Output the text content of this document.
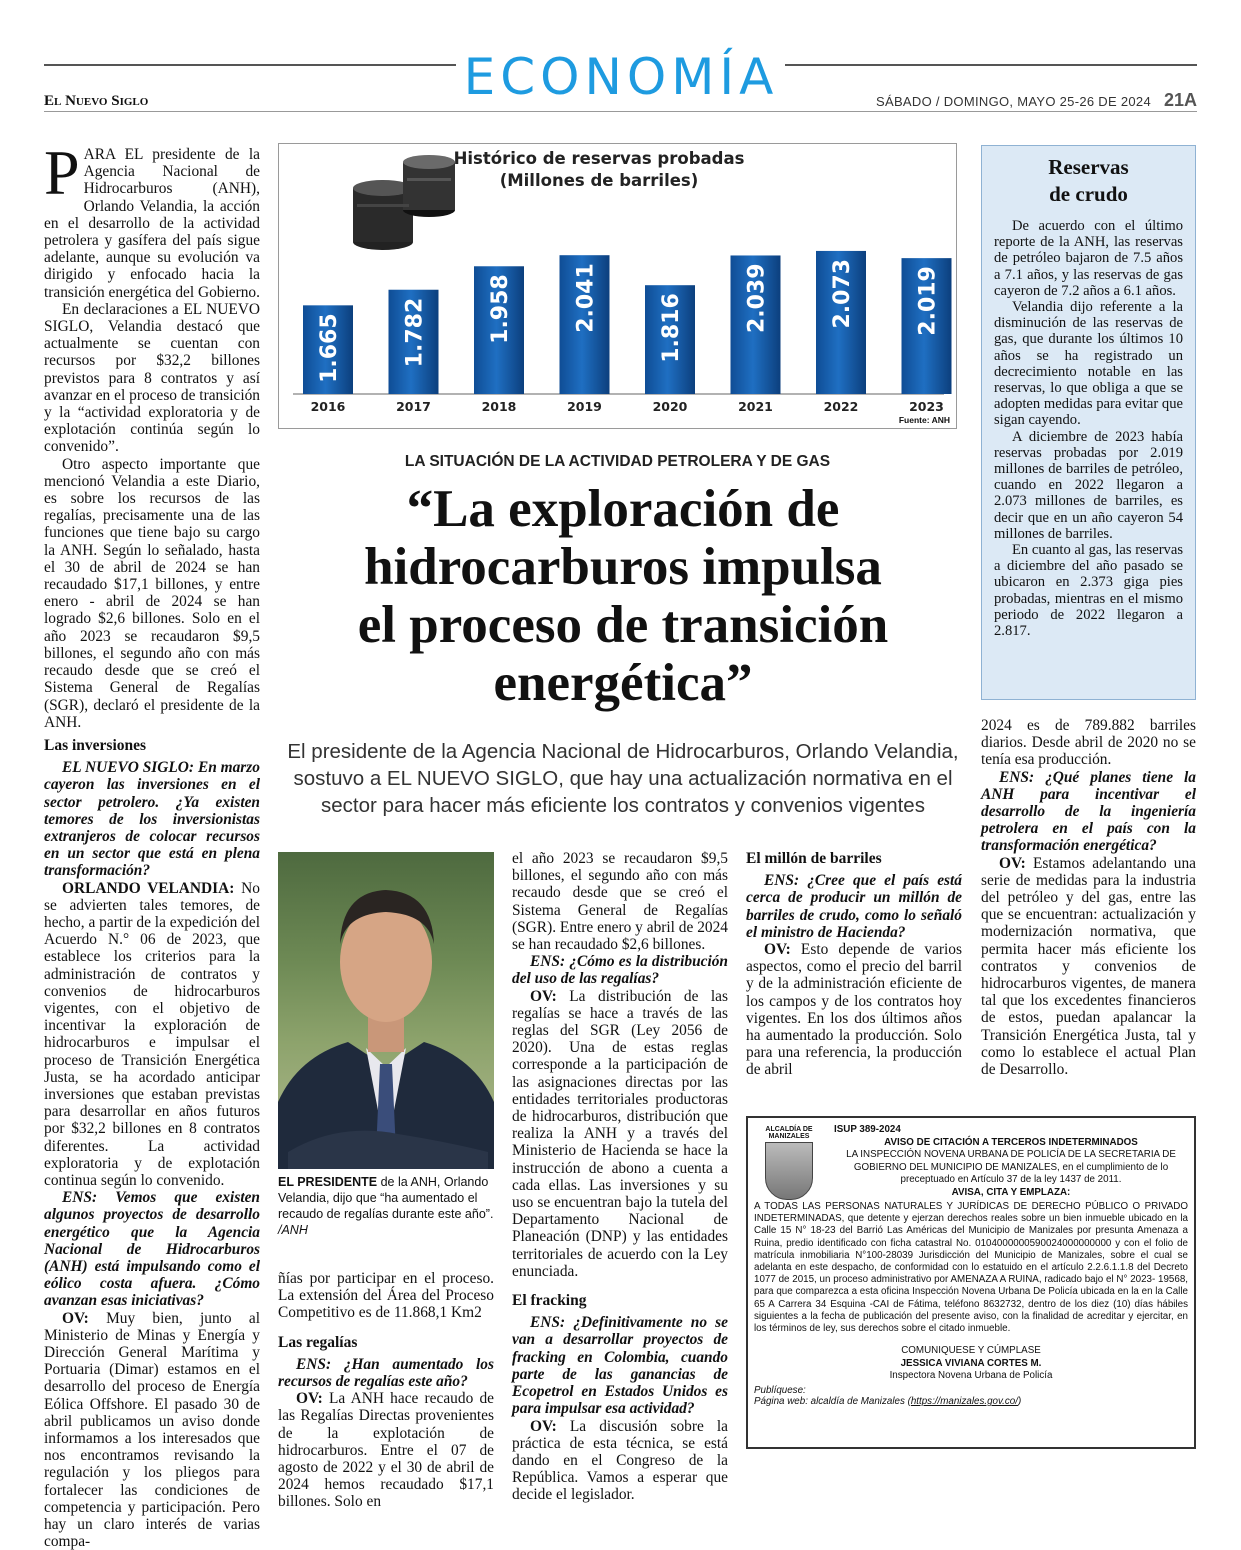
ECONOMÍA
El Nuevo Siglo	SÁBADO / DOMINGO, MAYO 25-26 DE 2024 21A

PARA EL presidente de la Agencia Nacional de Hidrocarburos (ANH), Orlando Velandia, la acción en el desarrollo de la actividad petrolera y gasífera del país sigue adelante, aunque su evolución va dirigido y enfocado hacia la transición energética del Gobierno.

En declaraciones a EL NUEVO SIGLO, Velandia destacó que actualmente se cuentan con recursos por $32,2 billones previstos para 8 contratos y así avanzar en el proceso de transición y la “actividad exploratoria y de explotación continúa según lo convenido”.

Otro aspecto importante que mencionó Velandia a este Diario, es sobre los recursos de las regalías, precisamente una de las funciones que tiene bajo su cargo la ANH. Según lo señalado, hasta el 30 de abril de 2024 se han recaudado $17,1 billones, y entre enero - abril de 2024 se han logrado $2,6 billones. Solo en el año 2023 se recaudaron $9,5 billones, el segundo año con más recaudo desde que se creó el Sistema General de Regalías (SGR), declaró el presidente de la ANH.

Las inversiones

EL NUEVO SIGLO: En marzo cayeron las inversiones en el sector petrolero. ¿Ya existen temores de los inversionistas extranjeros de colocar recursos en un sector que está en plena transformación?

ORLANDO VELANDIA: No se advierten tales temores, de hecho, a partir de la expedición del Acuerdo N.° 06 de 2023, que establece los criterios para la administración de contratos y convenios de hidrocarburos vigentes, con el objetivo de incentivar la exploración de hidrocarburos e impulsar el proceso de Transición Energética Justa, se ha acordado anticipar inversiones que estaban previstas para desarrollar en años futuros por $32,2 billones en 8 contratos diferentes. La actividad exploratoria y de explotación continua según lo convenido.

ENS: Vemos que existen algunos proyectos de desarrollo energético que la Agencia Nacional de Hidrocarburos (ANH) está impulsando como el eólico costa afuera. ¿Cómo avanzan esas iniciativas?

OV: Muy bien, junto al Ministerio de Minas y Energía y Dirección General Marítima y Portuaria (Dimar) estamos en el desarrollo del proceso de Energía Eólica Offshore. El pasado 30 de abril publicamos un aviso donde informamos a los interesados que nos encontramos revisando la regulación y los pliegos para fortalecer las condiciones de competencia y participación. Pero hay un claro interés de varias compa-

Histórico de reservas probadas
(Millones de barriles)
1.665
2016
1.782
2017
1.958
2018
2.041
2019
1.816
2020
2.039
2021
2.073
2022
2.019
2023
Fuente: ANH
LA SITUACIÓN DE LA ACTIVIDAD PETROLERA Y DE GAS
“La exploración de
hidrocarburos impulsa
el proceso de transición
energética”
El presidente de la Agencia Nacional de Hidrocarburos, Orlando Velandia,
sostuvo a EL NUEVO SIGLO, que hay una actualización normativa en el
sector para hacer más eficiente los contratos y convenios vigentes
Reservas
de crudo

De acuerdo con el último reporte de la ANH, las reservas de petróleo bajaron de 7.5 años a 7.1 años, y las reservas de gas cayeron de 7.2 años a 6.1 años.

Velandia dijo referente a la disminución de las reservas de gas, que durante los últimos 10 años se ha registrado un decrecimiento notable en las reservas, lo que obliga a que se adopten medidas para evitar que sigan cayendo.

A diciembre de 2023 había reservas probadas por 2.019 millones de barriles de petróleo, cuando en 2022 llegaron a 2.073 millones de barriles, es decir que en un año cayeron 54 millones de barriles.

En cuanto al gas, las reservas a diciembre del año pasado se ubicaron en 2.373 giga pies probadas, mientras en el mismo periodo de 2022 llegaron a 2.817.

EL PRESIDENTE de la ANH, Orlando Velandia, dijo que “ha aumentado el recaudo de regalías durante este año”. /ANH

ñías por participar en el proceso. La extensión del Área del Proceso Competitivo es de 11.868,1 Km2

Las regalías

ENS: ¿Han aumentado los recursos de regalías este año?

OV: La ANH hace recaudo de las Regalías Directas provenientes de la explotación de hidrocarburos. Entre el 07 de agosto de 2022 y el 30 de abril de 2024 hemos recaudado $17,1 billones. Solo en

el año 2023 se recaudaron $9,5 billones, el segundo año con más recaudo desde que se creó el Sistema General de Regalías (SGR). Entre enero y abril de 2024 se han recaudado $2,6 billones.

ENS: ¿Cómo es la distribución del uso de las regalías?

OV: La distribución de las regalías se hace a través de las reglas del SGR (Ley 2056 de 2020). Una de estas reglas corresponde a la participación de las asignaciones directas por las entidades territoriales productoras de hidrocarburos, distribución que realiza la ANH y a través del Ministerio de Hacienda se hace la instrucción de abono a cuenta a cada ellas. Las inversiones y su uso se encuentran bajo la tutela del Departamento Nacional de Planeación (DNP) y las entidades territoriales de acuerdo con la Ley enunciada.

El fracking

ENS: ¿Definitivamente no se van a desarrollar proyectos de fracking en Colombia, cuando parte de las ganancias de Ecopetrol en Estados Unidos es para impulsar esa actividad?

OV: La discusión sobre la práctica de esta técnica, se está dando en el Congreso de la República. Vamos a esperar que decide el legislador.

El millón de barriles

ENS: ¿Cree que el país está cerca de producir un millón de barriles de crudo, como lo señaló el ministro de Hacienda?

OV: Esto depende de varios aspectos, como el precio del barril y de la administración eficiente de los campos y de los contratos hoy vigentes. En los dos últimos años ha aumentado la producción. Solo para una referencia, la producción de abril

2024 es de 789.882 barriles diarios. Desde abril de 2020 no se tenía esa producción.

ENS: ¿Qué planes tiene la ANH para incentivar el desarrollo de la ingeniería petrolera en el país con la transformación energética?

OV: Estamos adelantando una serie de medidas para la industria del petróleo y del gas, entre las que se encuentran: actualización y modernización normativa, que permita hacer más eficiente los contratos y convenios de hidrocarburos vigentes, de manera tal que los excedentes financieros de estos, puedan apalancar la Transición Energética Justa, tal y como lo establece el actual Plan de Desarrollo.

ALCALDÍA DE MANIZALES
ISUP 389-2024
AVISO DE CITACIÓN A TERCEROS INDETERMINADOS
LA INSPECCIÓN NOVENA URBANA DE POLICÍA DE LA SECRETARIA DE GOBIERNO DEL MUNICIPIO DE MANIZALES, en el cumplimiento de lo preceptuado en Artículo 37 de la ley 1437 de 2011.
AVISA, CITA Y EMPLAZA:
A TODAS LAS PERSONAS NATURALES Y JURÍDICAS DE DERECHO PÚBLICO O PRIVADO INDETERMINADAS, que detente y ejerzan derechos reales sobre un bien inmueble ubicado en la Calle 15 N° 18-23 del Barrió Las Américas del Municipio de Manizales por presunta Amenaza a Ruina, predio identificado con ficha catastral No. 0104000000590024000000000 y con el folio de matrícula inmobiliaria N°100-28039 Jurisdicción del Municipio de Manizales, sobre el cual se adelanta en este despacho, de conformidad con lo estatuido en el artículo 2.2.6.1.1.8 del Decreto 1077 de 2015, un proceso administrativo por AMENAZA A RUINA, radicado bajo el N° 2023- 19568, para que comparezca a esta oficina Inspección Novena Urbana De Policía ubicada en la en la Calle 65 A Carrera 34 Esquina -CAI de Fátima, teléfono 8632732, dentro de los diez (10) días hábiles siguientes a la fecha de publicación del presente aviso, con la finalidad de acreditar y ejercitar, en los términos de ley, sus derechos sobre el citado inmueble.
COMUNIQUESE Y CÚMPLASE
JESSICA VIVIANA CORTES M.
Inspectora Novena Urbana de Policía
Publíquese:
Página web: alcaldía de Manizales (https://manizales.gov.co/)
